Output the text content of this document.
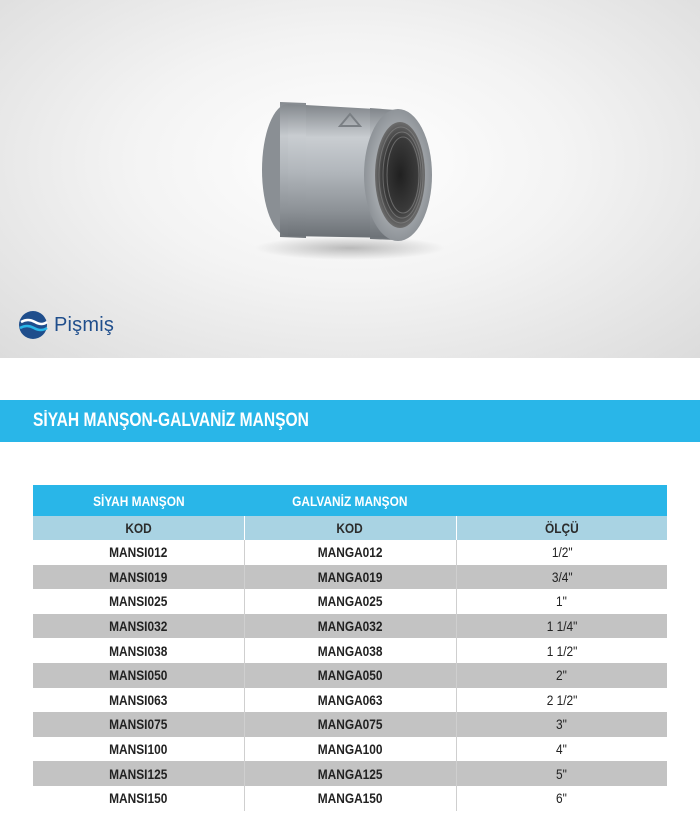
Pişmiş
SİYAH MANŞON-GALVANİZ MANŞON
SİYAH MANŞON	GALVANİZ MANŞON	
KOD	KOD	ÖLÇÜ
MANSI012	MANGA012	1/2"
MANSI019	MANGA019	3/4"
MANSI025	MANGA025	1"
MANSI032	MANGA032	1 1/4"
MANSI038	MANGA038	1 1/2"
MANSI050	MANGA050	2"
MANSI063	MANGA063	2 1/2"
MANSI075	MANGA075	3"
MANSI100	MANGA100	4"
MANSI125	MANGA125	5"
MANSI150	MANGA150	6"
